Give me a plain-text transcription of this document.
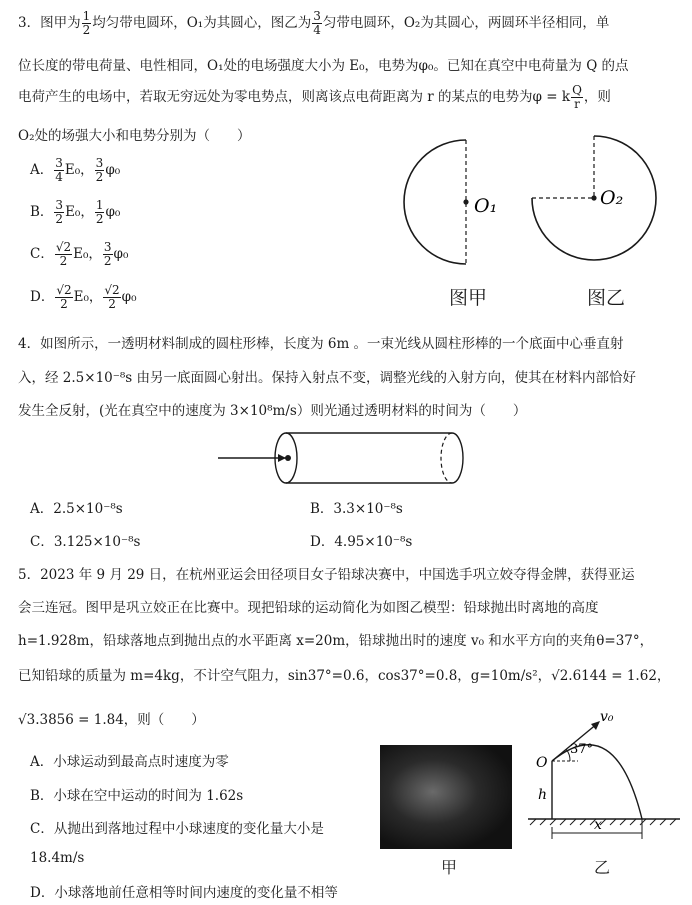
3．图甲为 $\frac{1}{2}$ 均匀带电圆环，O₁为其圆心，图乙为 $\frac{3}{4}$ 匀带电圆环，O₂为其圆心，两圆环半径相同，单
位长度的带电荷量、电性相同，O₁处的电场强度大小为 E₀，电势为φ₀。已知在真空中电荷量为 Q 的点
电荷产生的电场中，若取无穷远处为零电势点，则离该点电荷距离为 r 的某点的电势为φ = k $\frac{Q}{r}$ ，则
O₂处的场强大小和电势分别为（　　）
A． $\frac{3}{4} E_0$， $\frac{3}{2} \varphi_0$
B． $\frac{3}{2} E_0$， $\frac{1}{2} \varphi_0$
C． $\frac{√2}{2} E_0$， $\frac{3}{2} \varphi_0$
D． $\frac{√2}{2} E_0$， $\frac{√2}{2} \varphi_0$
O₁	O₂
图甲	图乙
4．如图所示，一透明材料制成的圆柱形棒，长度为 6m 。一束光线从圆柱形棒的一个底面中心垂直射
入，经 2.5×10⁻⁸s 由另一底面圆心射出。保持入射点不变，调整光线的入射方向，使其在材料内部恰好
发生全反射，(光在真空中的速度为 3×10⁸m/s）则光通过透明材料的时间为（　　）
A．2.5×10⁻⁸s	B．3.3×10⁻⁸s
C．3.125×10⁻⁸s	D．4.95×10⁻⁸s
5．2023 年 9 月 29 日，在杭州亚运会田径项目女子铅球决赛中，中国选手巩立姣夺得金牌，获得亚运
会三连冠。图甲是巩立姣正在比赛中。现把铅球的运动简化为如图乙模型：铅球抛出时离地的高度
h=1.928m，铅球落地点到抛出点的水平距离 x=20m，铅球抛出时的速度 v₀ 和水平方向的夹角θ=37°，
已知铅球的质量为 m=4kg，不计空气阻力，sin37°=0.6，cos37°=0.8，g=10m/s²，√2.6144 = 1.62，
√3.3856 = 1.84，则（　　）
A．小球运动到最高点时速度为零
B．小球在空中运动的时间为 1.62s
C．从抛出到落地过程中小球速度的变化量大小是
18.4m/s
D．小球落地前任意相等时间内速度的变化量不相等
甲
v₀
37°
O
h
x
乙
